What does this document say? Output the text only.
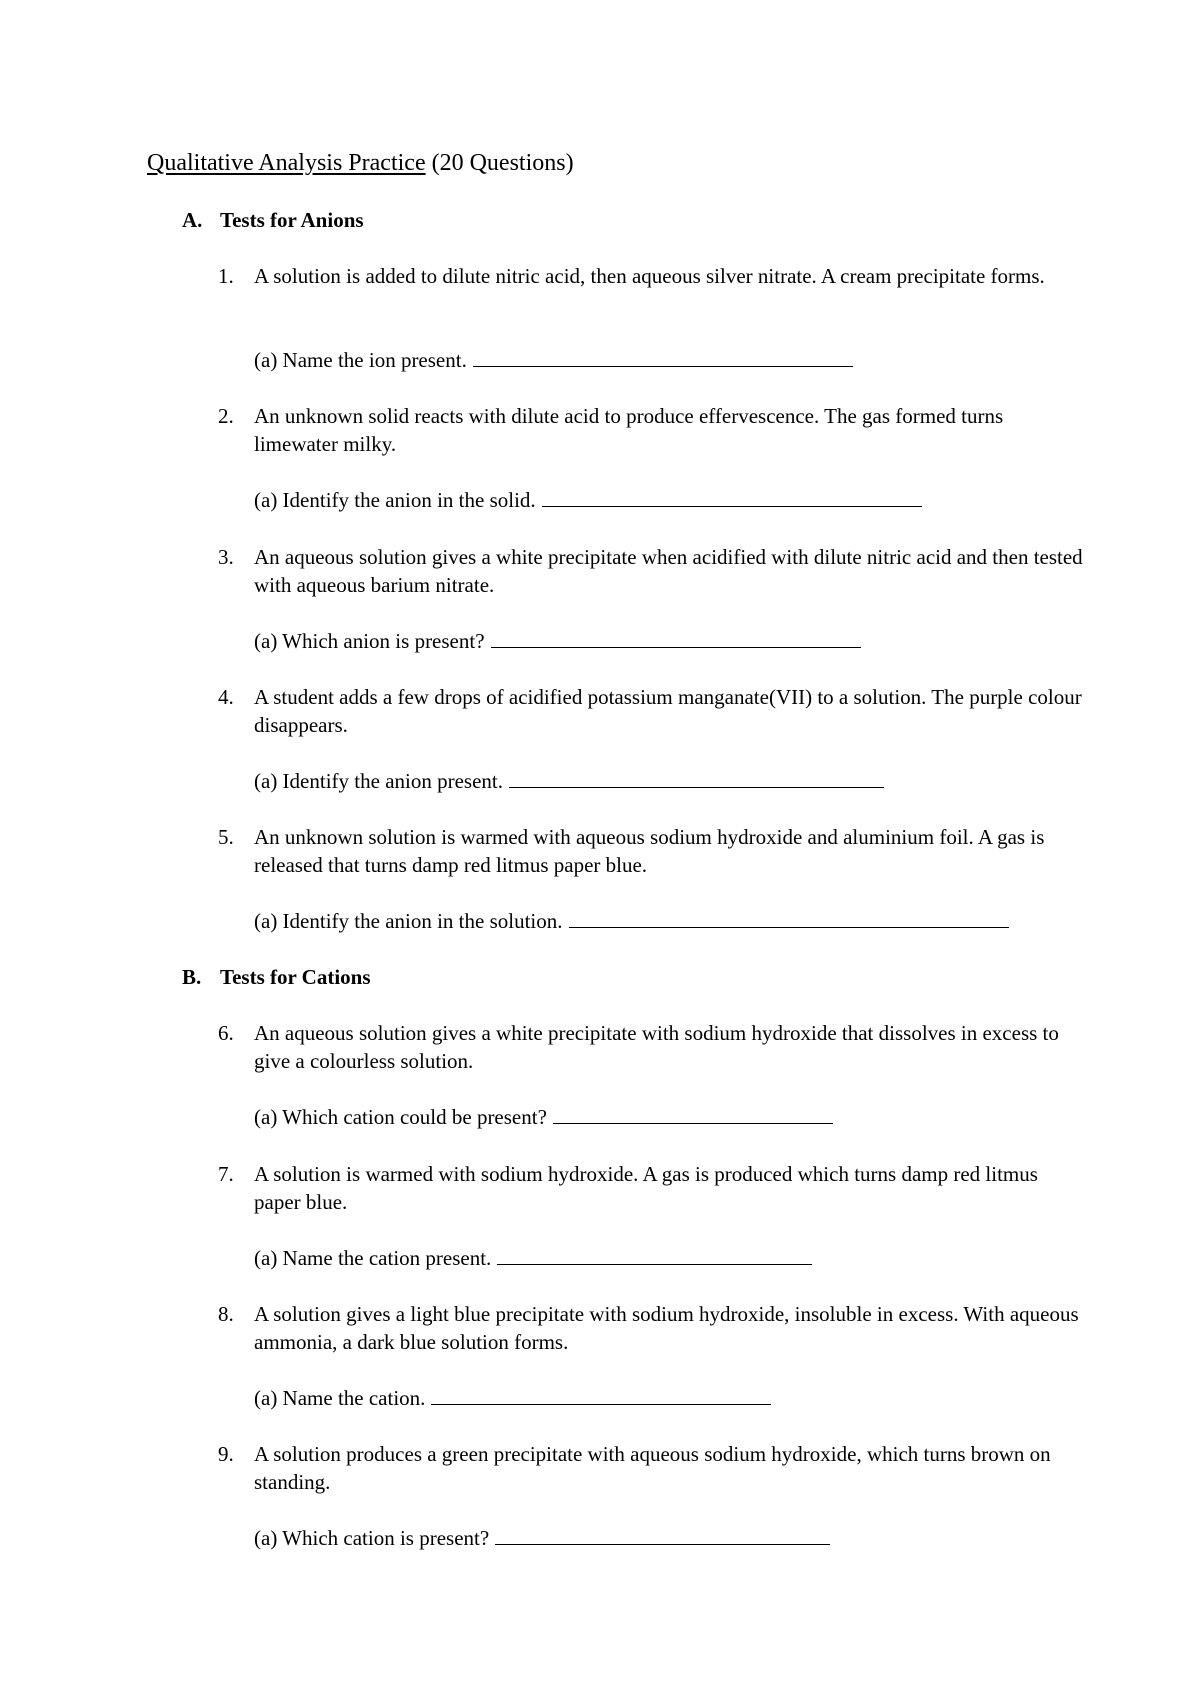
Qualitative Analysis Practice (20 Questions)
A. Tests for Anions
1. A solution is added to dilute nitric acid, then aqueous silver nitrate. A cream precipitate forms.
(a) Name the ion present.
2. An unknown solid reacts with dilute acid to produce effervescence. The gas formed turns limewater milky.
(a) Identify the anion in the solid.
3. An aqueous solution gives a white precipitate when acidified with dilute nitric acid and then tested with aqueous barium nitrate.
(a) Which anion is present?
4. A student adds a few drops of acidified potassium manganate(VII) to a solution. The purple colour disappears.
(a) Identify the anion present.
5. An unknown solution is warmed with aqueous sodium hydroxide and aluminium foil. A gas is released that turns damp red litmus paper blue.
(a) Identify the anion in the solution.
B. Tests for Cations
6. An aqueous solution gives a white precipitate with sodium hydroxide that dissolves in excess to give a colourless solution.
(a) Which cation could be present?
7. A solution is warmed with sodium hydroxide. A gas is produced which turns damp red litmus paper blue.
(a) Name the cation present.
8. A solution gives a light blue precipitate with sodium hydroxide, insoluble in excess. With aqueous ammonia, a dark blue solution forms.
(a) Name the cation.
9. A solution produces a green precipitate with aqueous sodium hydroxide, which turns brown on standing.
(a) Which cation is present?
